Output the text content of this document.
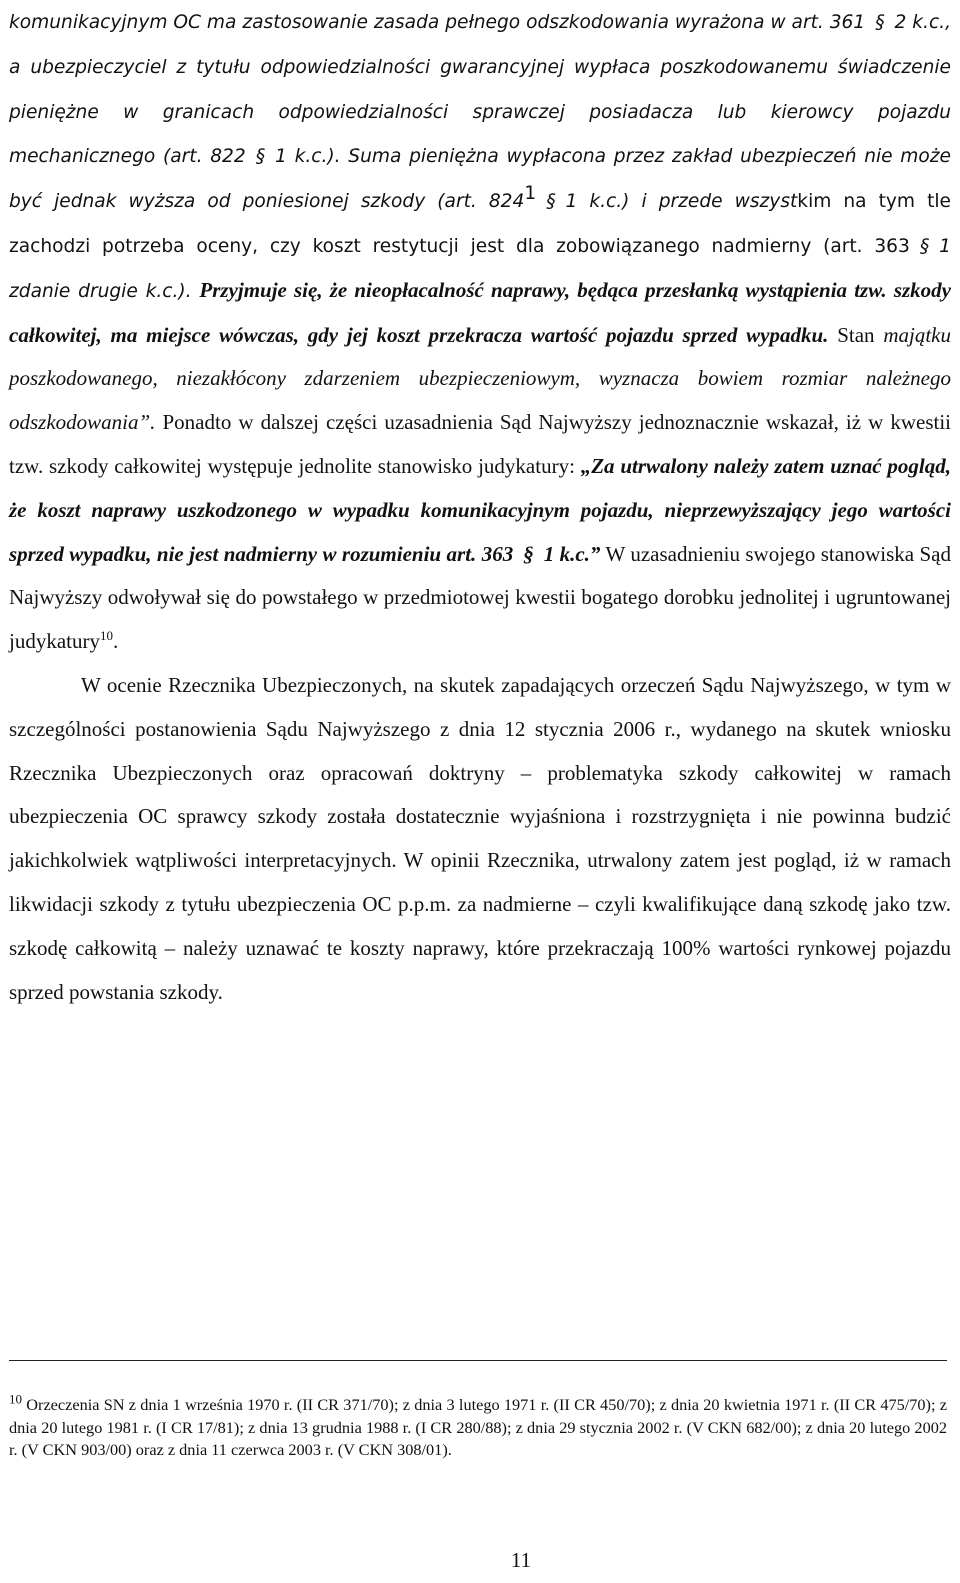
komunikacyjnym OC ma zastosowanie zasada pełnego odszkodowania wyrażona w art. 361 § 2 k.c., a ubezpieczyciel z tytułu odpowiedzialności gwarancyjnej wypłaca poszkodowanemu świadczenie pieniężne w granicach odpowiedzialności sprawczej posiadacza lub kierowcy pojazdu mechanicznego (art. 822 § 1 k.c.). Suma pieniężna wypłacona przez zakład ubezpieczeń nie może być jednak wyższa od poniesionej szkody (art. $824^1$ § 1 k.c.) i przede wszystkim na tym tle zachodzi potrzeba oceny, czy koszt restytucji jest dla zobowiązanego nadmierny (art. 363 § 1 zdanie drugie k.c.). Przyjmuje się, że nieopłacalność naprawy, będąca przesłanką wystąpienia tzw. szkody całkowitej, ma miejsce wówczas, gdy jej koszt przekracza wartość pojazdu sprzed wypadku. Stan majątku poszkodowanego, niezakłócony zdarzeniem ubezpieczeniowym, wyznacza bowiem rozmiar należnego odszkodowania”. Ponadto w dalszej części uzasadnienia Sąd Najwyższy jednoznacznie wskazał, iż w kwestii tzw. szkody całkowitej występuje jednolite stanowisko judykatury: „Za utrwalony należy zatem uznać pogląd, że koszt naprawy uszkodzonego w wypadku komunikacyjnym pojazdu, nieprzewyższający jego wartości sprzed wypadku, nie jest nadmierny w rozumieniu art. 363 § 1 k.c.” W uzasadnieniu swojego stanowiska Sąd Najwyższy odwoływał się do powstałego w przedmiotowej kwestii bogatego dorobku jednolitej i ugruntowanej judykatury$^{10}$.

W ocenie Rzecznika Ubezpieczonych, na skutek zapadających orzeczeń Sądu Najwyższego, w tym w szczególności postanowienia Sądu Najwyższego z dnia 12 stycznia 2006 r., wydanego na skutek wniosku Rzecznika Ubezpieczonych oraz opracowań doktryny – problematyka szkody całkowitej w ramach ubezpieczenia OC sprawcy szkody została dostatecznie wyjaśniona i rozstrzygnięta i nie powinna budzić jakichkolwiek wątpliwości interpretacyjnych. W opinii Rzecznika, utrwalony zatem jest pogląd, iż w ramach likwidacji szkody z tytułu ubezpieczenia OC p.p.m. za nadmierne – czyli kwalifikujące daną szkodę jako tzw. szkodę całkowitą – należy uznawać te koszty naprawy, które przekraczają 100% wartości rynkowej pojazdu sprzed powstania szkody.

$^{10}$ Orzeczenia SN z dnia 1 września 1970 r. (II CR 371/70); z dnia 3 lutego 1971 r. (II CR 450/70); z dnia 20 kwietnia 1971 r. (II CR 475/70); z dnia 20 lutego 1981 r. (I CR 17/81); z dnia 13 grudnia 1988 r. (I CR 280/88); z dnia 29 stycznia 2002 r. (V CKN 682/00); z dnia 20 lutego 2002 r. (V CKN 903/00) oraz z dnia 11 czerwca 2003 r. (V CKN 308/01).

11
